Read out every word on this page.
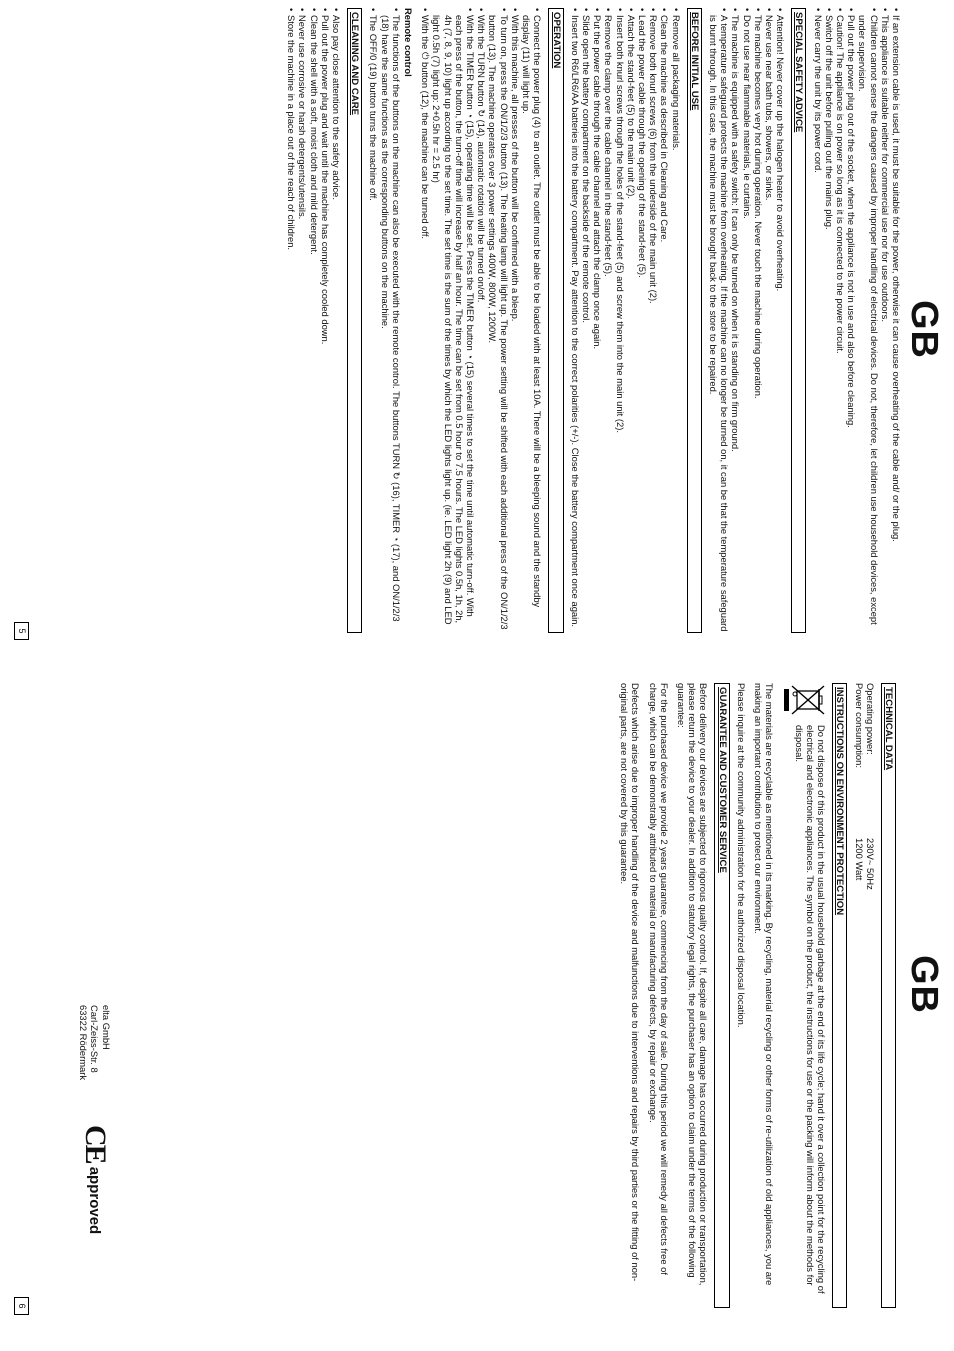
GB
TECHNICAL DATA
Operating power:
230V~ 50Hz
Power consumption:
1200 Watt
INSTRUCTIONS ON ENVIRONMENT PROTECTION
Do not dispose of this product in the usual household garbage at the end of its life cycle; hand it over a collection point for the recycling of electrical and electronic appliances. The symbol on the product, the instructions for use or the packing will inform about the methods for disposal.

The materials are recyclable as mentioned in its marking. By recycling, material recycling or other forms of re-utilization of old appliances, you are making an important contribution to protect our environment.

Please inquire at the community administration for the authorized disposal location.

GUARANTEE AND CUSTOMER SERVICE

Before delivery our devices are subjected to rigorous quality control. If, despite all care, damage has occurred during production or transportation, please return the device to your dealer. In addition to statutory legal rights, the purchaser has an option to claim under the terms of the following guarantee:

For the purchased device we provide 2 years guarantee, commencing from the day of sale. During this period we will remedy all defects free of charge, which can be demonstrably attributed to material or manufacturing defects, by repair or exchange.

Defects which arise due to improper handling of the device and malfunctions due to interventions and repairs by third parties or the fitting of non-original parts, are not covered by this guarantee.

elta GmbH
Carl-Zeiss-Str. 8
63322 Rödermark
CE
approved
6
GB
• If an extension cable is used, it must be suitable for the power, otherwise it can cause overheating of the cable and/ or the plug.
• This appliance is suitable neither for commercial use nor for use outdoors.
• Children cannot sense the dangers caused by improper handling of electrical devices. Do not, therefore, let children use household devices, except under supervision.
• Pull out the power plug out of the socket, when the appliance is not in use and also before cleaning.
• Caution! The appliance is on power so long as it is connected to the power circuit.
• Switch off the unit before pulling out the mains plug.
• Never carry the unit by its power cord.
SPECIAL SAFETY ADVICE
• Attention! Never cover up the halogen heater to avoid overheating.
• Never use near bath tubs, showers, or sinks.
• The machine becomes very hot during operation. Never touch the machine during operation.
• Do not use near flammable materials, ie curtains.
• The machine is equipped with a safety switch: It can only be turned on when it is standing on firm ground.
• A temperature safeguard protects the machine from overheating. If the machine can no longer be turned on, it can be that the temperature safeguard is burnt through. In this case, the machine must be brought back to the store to be repaired.
BEFORE INITIAL USE
• Remove all packaging materials.
• Clean the machine as described in Cleaning and Care.
• Remove both knurl screws (6) from the underside of the main unit (2).
• Lead the power cable through the opening of the stand-feet (5).
• Attach the stand-feet (5) to the main unit (2).
• Insert both knurl screws through the holes of the stand-feet (5) and screw them into the main unit (2).
• Remove the clamp over the cable channel in the stand-feet (5).
• Put the power cable through the cable channel and attach the clamp once again.
• Slide open the battery compartment on the backside of the remote control.
• Insert two R6/LR6/AA batteries into the battery compartment. Pay attention to the correct polarities (+/-). Close the battery compartment once again.
OPERATION
• Connect the power plug (4) to an outlet. The outlet must be able to be loaded with at least 10A. There will be a bleeping sound and the standby display (11) will light up.
• With this machine, all presses of the button will be confirmed with a bleep.
• To turn on, press the ON/1/2/3 button (13). The heating lamp will light up. The power setting will be shifted with each additional press of the ON/1/2/3 button (13). The machine operates over 3 power settings 400W, 800W, 1200W.
• With the TURN button ↻ (14), automatic rotation will be turned on/off.
• With the TIMER button ◔ (15), operating time will be set. Press the TIMER button ◔ (15) several times to set the time until automatic turn-off. With each press of the button, the turn-off time will increase by half an hour. The time can be set from 0.5 hour to 7.5 hours. The LED lights 0.5h, 1h, 2h, 4h (7, 8, 9, 10) light up according to the set time. The set time is the sum of the times by which the LED lights light up. (ie. LED light 2h (9) and LED light 0.5h (7) light up: 2+0.5h hr = 2.5 hr)
• With the ⏻ button (12), the machine can be turned off.
Remote control
• The functions of the buttons on the machine can also be executed with the remote control. The buttons TURN ↻ (16), TIMER ◔ (17), and ON/1/2/3 (18) have the same functions as the corresponding buttons on the machine.
• The OFF/0 (19) button turns the machine off.
CLEANING AND CARE
• Also pay close attention to the safety advice.
• Pull out the power plug and wait until the machine has completely cooled down.
• Clean the shell with a soft, moist cloth and mild detergent.
• Never use corrosive or harsh detergents/utensils.
• Store the machine in a place out of the reach of children.
5
